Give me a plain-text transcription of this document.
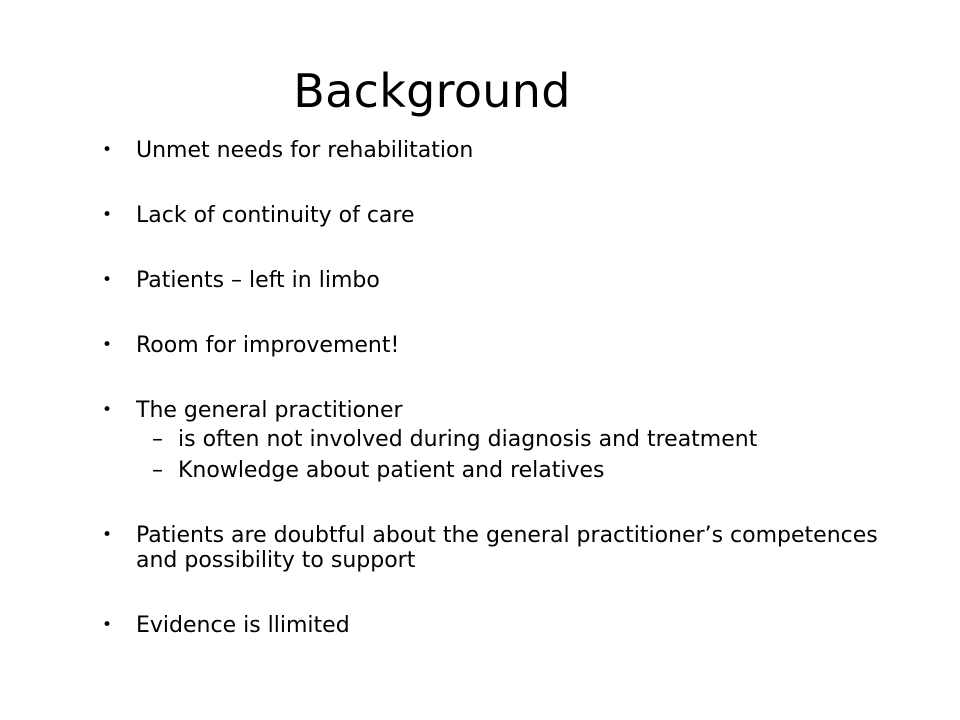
Background
•	Unmet needs for rehabilitation
•	Lack of continuity of care
•	Patients – left in limbo
•	Room for improvement!
•	The general practitioner
– is often not involved during diagnosis and treatment
– Knowledge about patient and relatives
•	Patients are doubtful about the general practitioner’s competences and possibility to support
•	Evidence is llimited
